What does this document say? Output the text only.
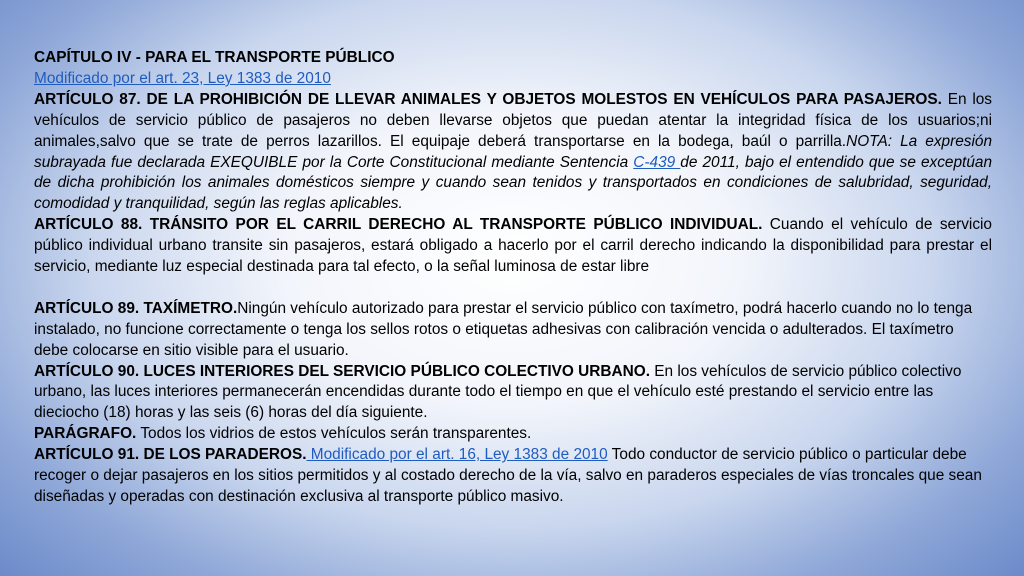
CAPÍTULO IV - PARA EL TRANSPORTE PÚBLICO

Modificado por el art. 23, Ley 1383 de 2010

ARTÍCULO 87. DE LA PROHIBICIÓN DE LLEVAR ANIMALES Y OBJETOS MOLESTOS EN VEHÍCULOS PARA PASAJEROS. En los vehículos de servicio público de pasajeros no deben llevarse objetos que puedan atentar la integridad física de los usuarios;ni animales,salvo que se trate de perros lazarillos. El equipaje deberá transportarse en la bodega, baúl o parrilla.NOTA: La expresión subrayada fue declarada EXEQUIBLE por la Corte Constitucional mediante Sentencia C-439 de 2011, bajo el entendido que se exceptúan de dicha prohibición los animales domésticos siempre y cuando sean tenidos y transportados en condiciones de salubridad, seguridad, comodidad y tranquilidad, según las reglas aplicables.

ARTÍCULO 88. TRÁNSITO POR EL CARRIL DERECHO AL TRANSPORTE PÚBLICO INDIVIDUAL. Cuando el vehículo de servicio público individual urbano transite sin pasajeros, estará obligado a hacerlo por el carril derecho indicando la disponibilidad para prestar el servicio, mediante luz especial destinada para tal efecto, o la señal luminosa de estar libre

ARTÍCULO 89. TAXÍMETRO.Ningún vehículo autorizado para prestar el servicio público con taxímetro, podrá hacerlo cuando no lo tenga instalado, no funcione correctamente o tenga los sellos rotos o etiquetas adhesivas con calibración vencida o adulterados. El taxímetro debe colocarse en sitio visible para el usuario.

ARTÍCULO 90. LUCES INTERIORES DEL SERVICIO PÚBLICO COLECTIVO URBANO. En los vehículos de servicio público colectivo urbano, las luces interiores permanecerán encendidas durante todo el tiempo en que el vehículo esté prestando el servicio entre las dieciocho (18) horas y las seis (6) horas del día siguiente.

PARÁGRAFO. Todos los vidrios de estos vehículos serán transparentes.

ARTÍCULO 91. DE LOS PARADEROS. Modificado por el art. 16, Ley 1383 de 2010 Todo conductor de servicio público o particular debe recoger o dejar pasajeros en los sitios permitidos y al costado derecho de la vía, salvo en paraderos especiales de vías troncales que sean diseñadas y operadas con destinación exclusiva al transporte público masivo.
